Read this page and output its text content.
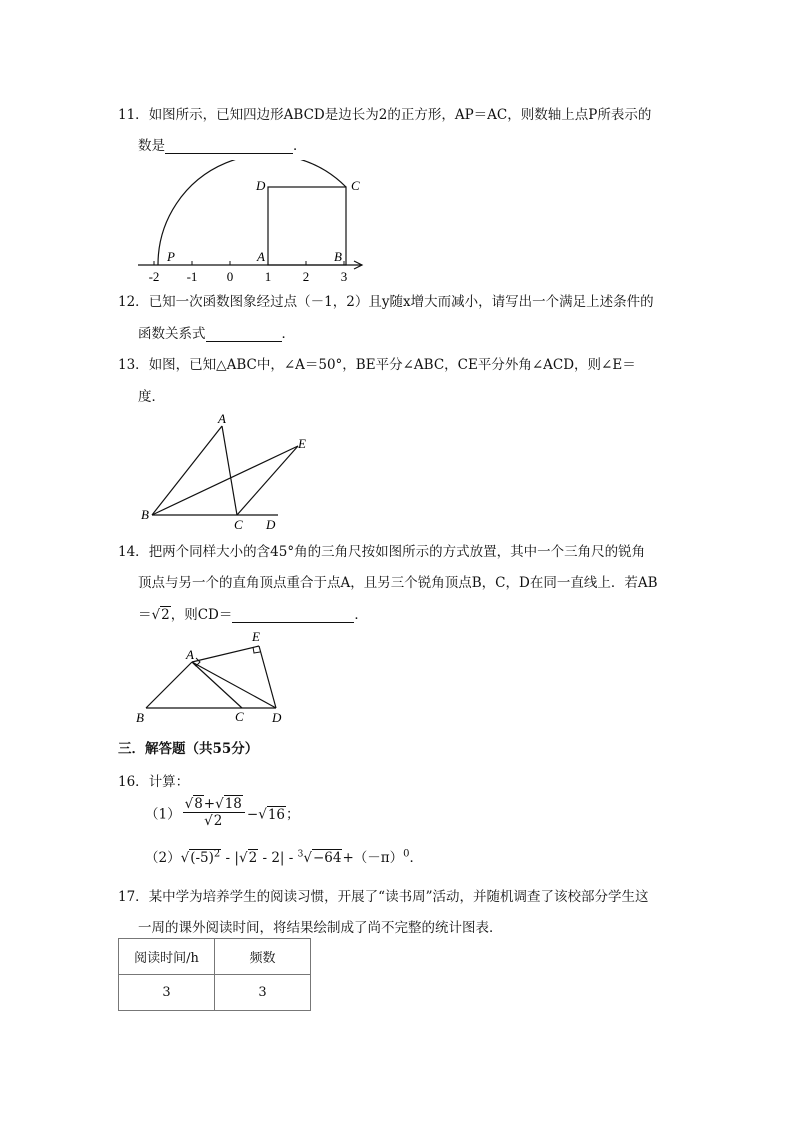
11．如图所示，已知四边形ABCD是边长为2的正方形，AP＝AC，则数轴上点P所表示的
数是	．
D	C
P	A	B
-2 -1 0 1 2 3
12．已知一次函数图象经过点（－1，2）且y随x增大而减小，请写出一个满足上述条件的
函数关系式	．
13．如图，已知△ABC中，∠A＝50°，BE平分∠ABC，CE平分外角∠ACD，则∠E＝
度．
A
E
B
C D
14．把两个同样大小的含45°角的三角尺按如图所示的方式放置，其中一个三角尺的锐角
顶点与另一个的直角顶点重合于点A，且另三个锐角顶点B，C，D在同一直线上．若AB
＝√2，则CD＝	．
E
A
B	C D
三．解答题（共55分）
16．计算：
$(1) \frac{√8+√18}{√2} -√16$；
$(2)√(-5)^2 - |√2 - 2| - ^3√-64+(-\pi)^0$．
17．某中学为培养学生的阅读习惯，开展了“读书周”活动，并随机调查了该校部分学生这
一周的课外阅读时间，将结果绘制成了尚不完整的统计图表．
阅读时间/h	频数
3	3
